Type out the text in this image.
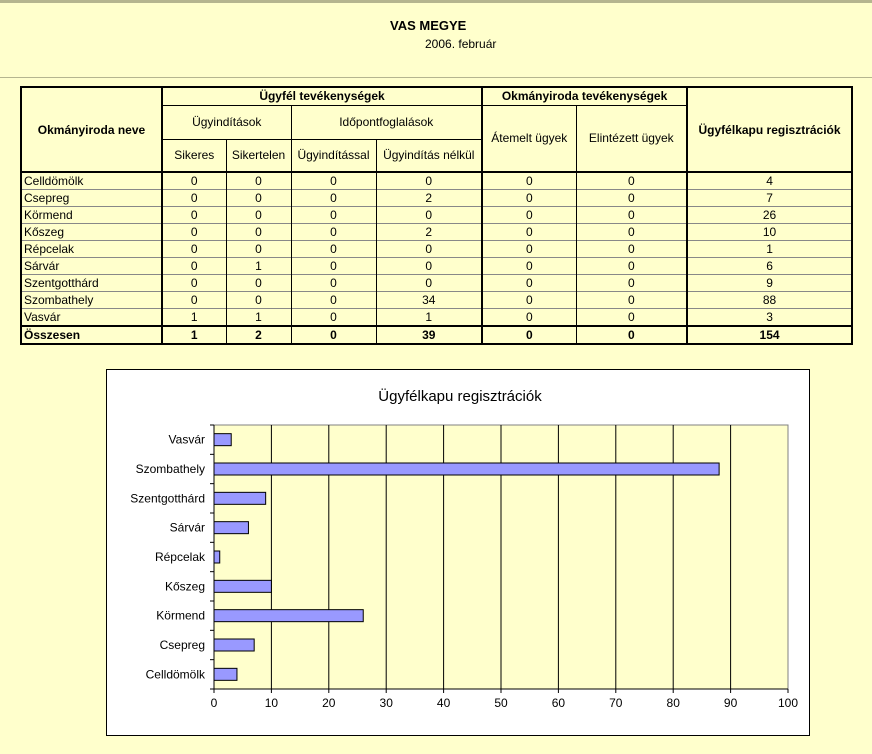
VAS MEGYE
2006. február
Okmányiroda neve	Ügyfél tevékenységek				Okmányiroda tevékenységek		Ügyfélkapu regisztrációk
	Ügyindítások		Időpontfoglalások		Átemelt ügyek	Elintézett ügyek	
	Sikeres	Sikertelen	Ügyindítással	Ügyindítás nélkül			
Celldömölk	0	0	0	0	0	0	4
Csepreg	0	0	0	2	0	0	7
Körmend	0	0	0	0	0	0	26
Kőszeg	0	0	0	2	0	0	10
Répcelak	0	0	0	0	0	0	1
Sárvár	0	1	0	0	0	0	6
Szentgotthárd	0	0	0	0	0	0	9
Szombathely	0	0	0	34	0	0	88
Vasvár	1	1	0	1	0	0	3
Összesen	1	2	0	39	0	0	154
Ügyfélkapu regisztrációk
0	10	20	30	40	50	60	70	80	90	100
Celldömölk
Csepreg
Körmend
Kőszeg
Répcelak
Sárvár
Szentgotthárd
Szombathely
Vasvár
